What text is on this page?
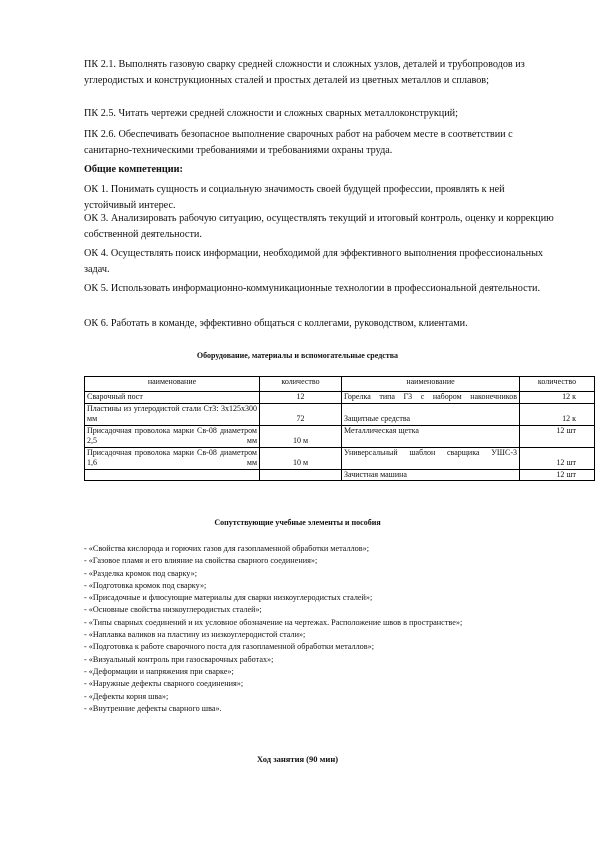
ПК 2.1. Выполнять газовую сварку средней сложности и сложных узлов, деталей и трубопроводов из углеродистых и конструкционных сталей и простых деталей из цветных металлов и сплавов;

ПК 2.5. Читать чертежи средней сложности и сложных сварных металлоконструкций;

ПК 2.6. Обеспечивать безопасное выполнение сварочных работ на рабочем месте в соответствии с санитарно-техническими требованиями и требованиями охраны труда.

Общие компетенции:

ОК 1. Понимать сущность и социальную значимость своей будущей профессии, проявлять к ней устойчивый интерес.

ОК 3. Анализировать рабочую ситуацию, осуществлять текущий и итоговый контроль, оценку и коррекцию собственной деятельности.

ОК 4. Осуществлять поиск информации, необходимой для эффективного выполнения профессиональных задач.

ОК 5. Использовать информационно-коммуникационные технологии в профессиональной деятельности.

ОК 6. Работать в команде, эффективно общаться с коллегами, руководством, клиентами.

Оборудование, материалы и вспомогательные средства

наименование	количество	наименование	количество
Сварочный пост	12	Горелка типа Г3 с набором наконечников	12 к
Пластины из углеродистой стали Ст3: 3х125х300 мм	72	Защитные средства	12 к
Присадочная проволока марки Св-08 диаметром 2,5 мм	10 м	Металлическая щетка	12 шт
Присадочная проволока марки Св-08 диаметром 1,6 мм	10 м	Универсальный шаблон сварщика УШС-3	12 шт
		Зачистная машина	12 шт

Сопутствующие учебные элементы и пособия

- «Свойства кислорода и горючих газов для газопламенной обработки металлов»;
- «Газовое пламя и его влияние на свойства сварного соединения»;
- «Разделка кромок под сварку»;
- «Подготовка кромок под сварку»;
- «Присадочные и флюсующие материалы для сварки низкоуглеродистых сталей»;
- «Основные свойства низкоуглеродистых сталей»;
- «Типы сварных соединений и их условное обозначение на чертежах. Расположение швов в пространстве»;
- «Наплавка валиков на пластину из низкоуглеродистой стали»;
- «Подготовка к работе сварочного поста для газопламенной обработки металлов»;
- «Визуальный контроль при газосварочных работах»;
- «Деформации и напряжения при сварке»;
- «Наружные дефекты сварного соединения»;
- «Дефекты корня шва»;
- «Внутренние дефекты сварного шва».

Ход занятия (90 мин)
